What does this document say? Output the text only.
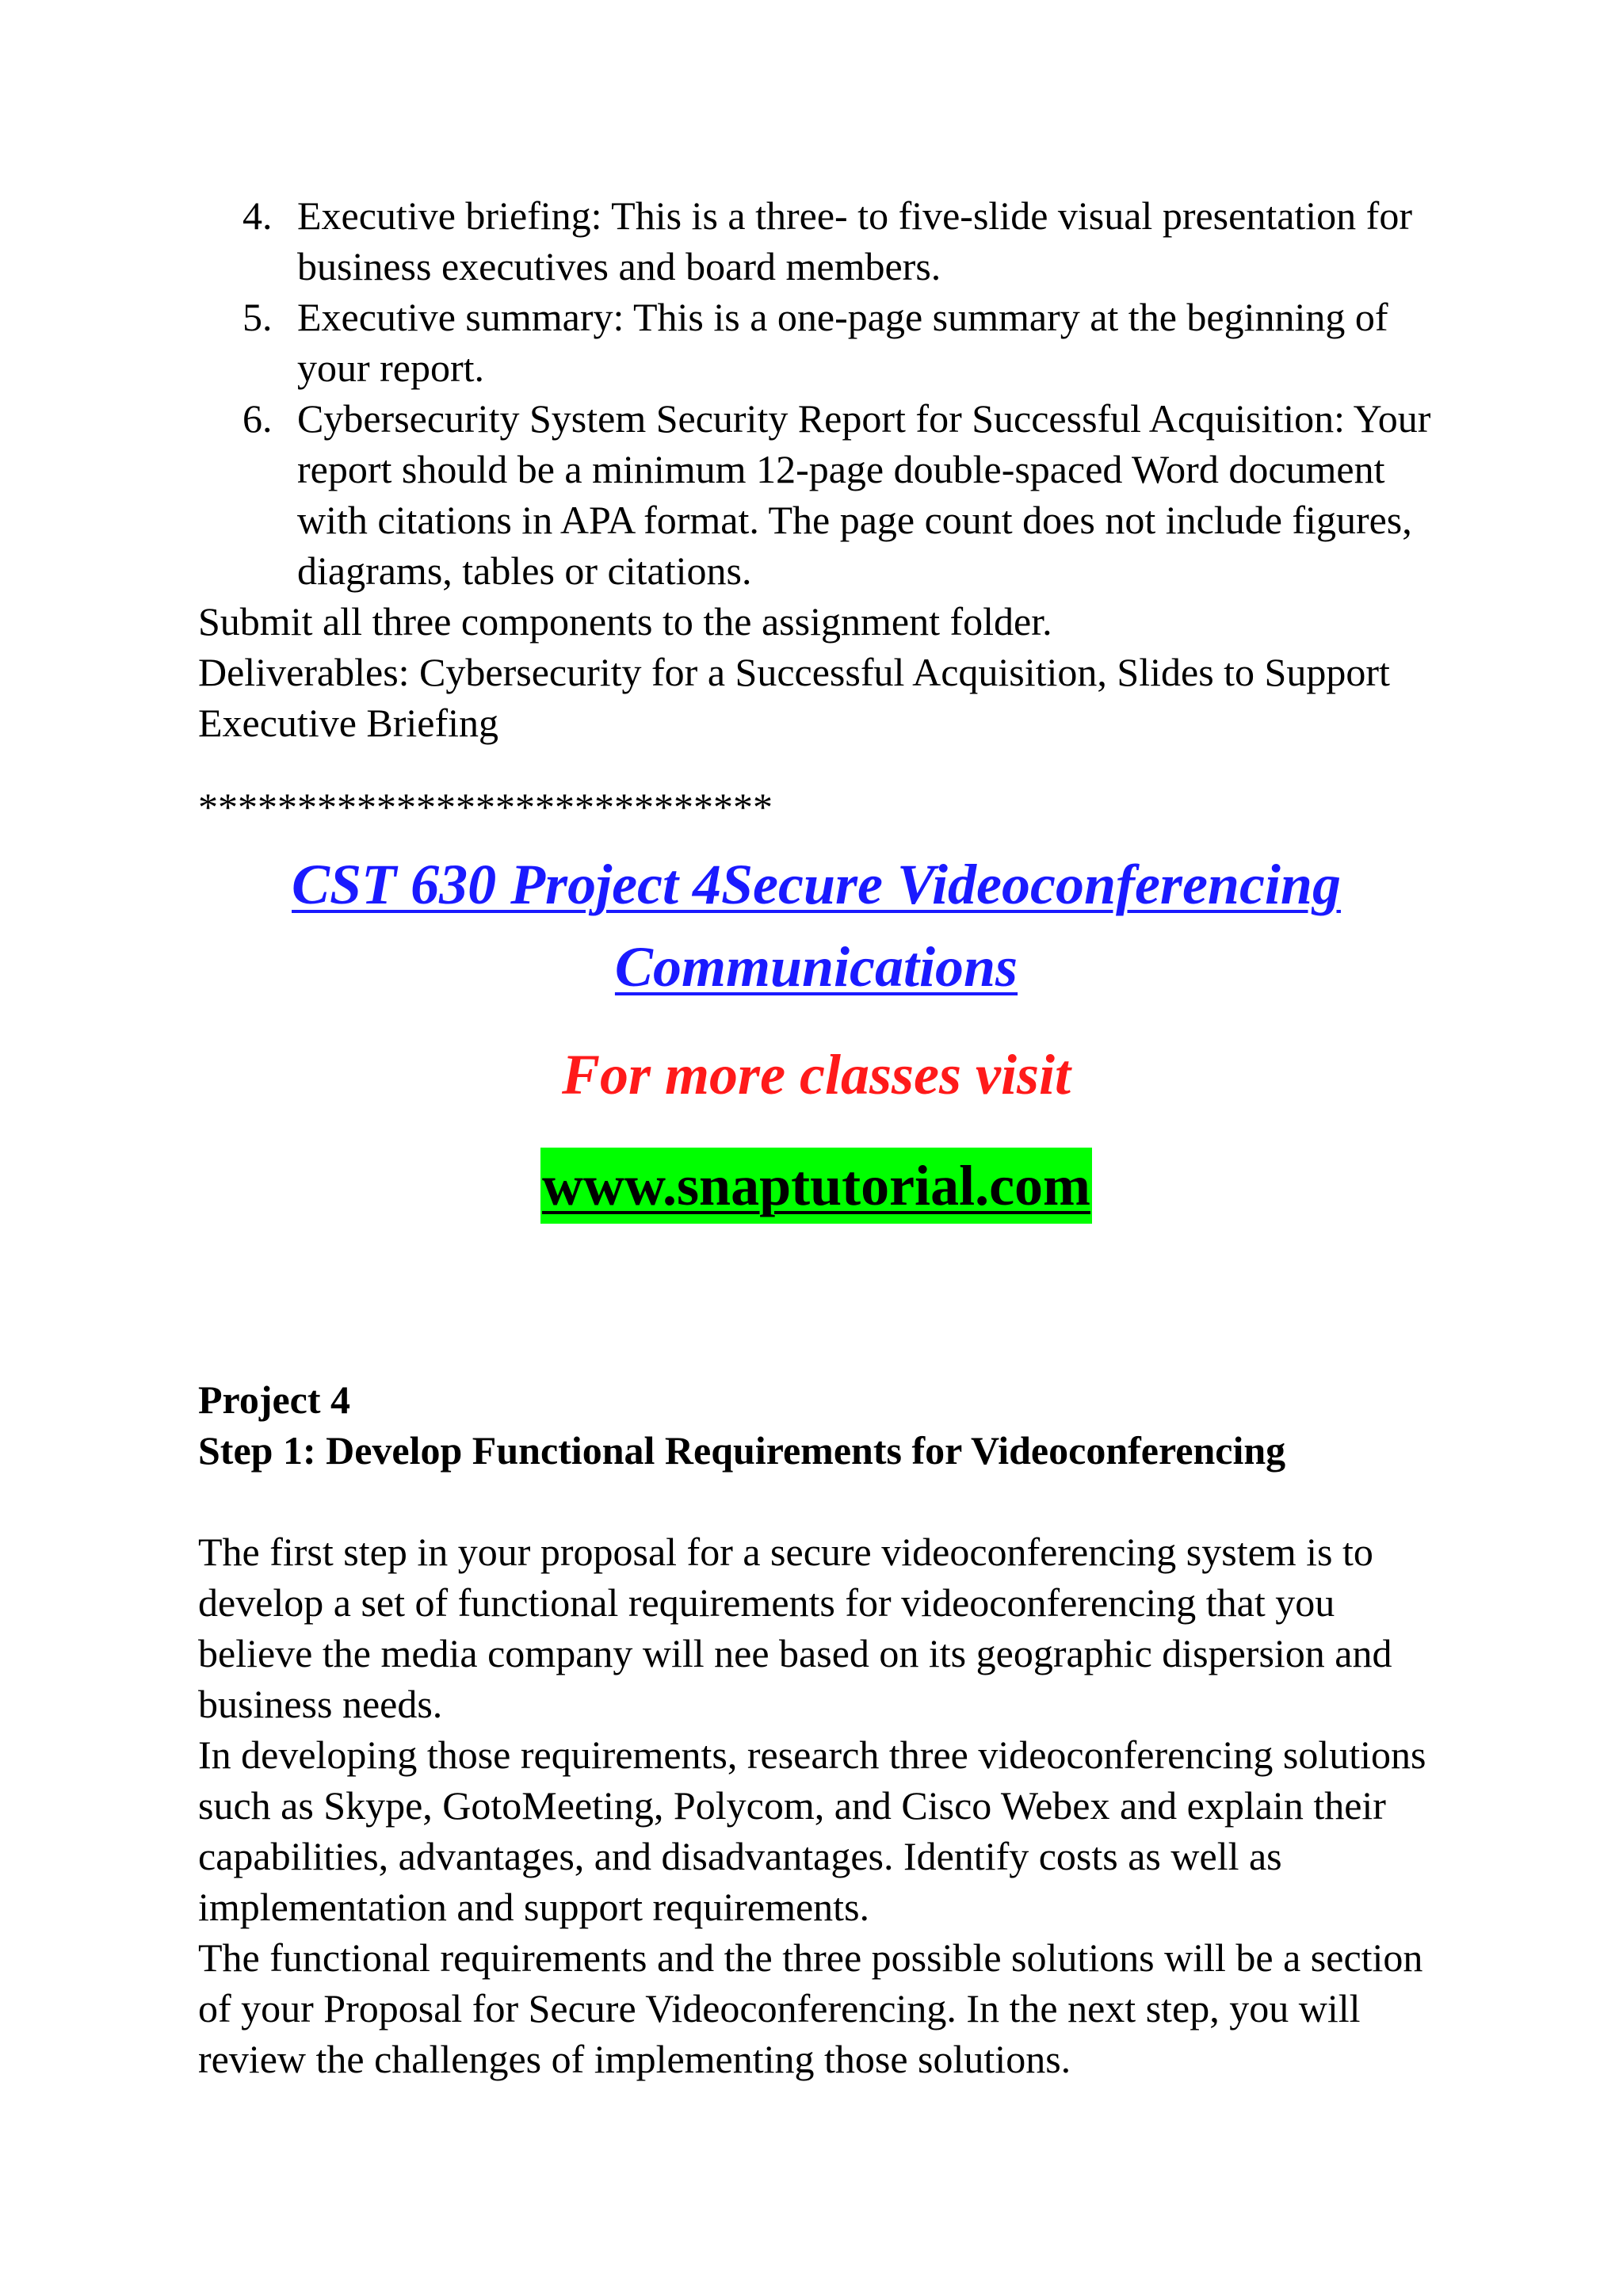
4. Executive briefing: This is a three- to five-slide visual presentation for business executives and board members.
5. Executive summary: This is a one-page summary at the beginning of your report.
6. Cybersecurity System Security Report for Successful Acquisition: Your report should be a minimum 12-page double-spaced Word document with citations in APA format. The page count does not include figures, diagrams, tables or citations.

Submit all three components to the assignment folder.

Deliverables: Cybersecurity for a Successful Acquisition, Slides to Support Executive Briefing

*****************************
CST 630 Project 4Secure Videoconferencing Communications
For more classes visit
www.snaptutorial.com

Project 4

Step 1: Develop Functional Requirements for Videoconferencing

The first step in your proposal for a secure videoconferencing system is to develop a set of functional requirements for videoconferencing that you believe the media company will nee based on its geographic dispersion and business needs.

In developing those requirements, research three videoconferencing solutions such as Skype, GotoMeeting, Polycom, and Cisco Webex and explain their capabilities, advantages, and disadvantages. Identify costs as well as implementation and support requirements.

The functional requirements and the three possible solutions will be a section of your Proposal for Secure Videoconferencing. In the next step, you will review the challenges of implementing those solutions.
